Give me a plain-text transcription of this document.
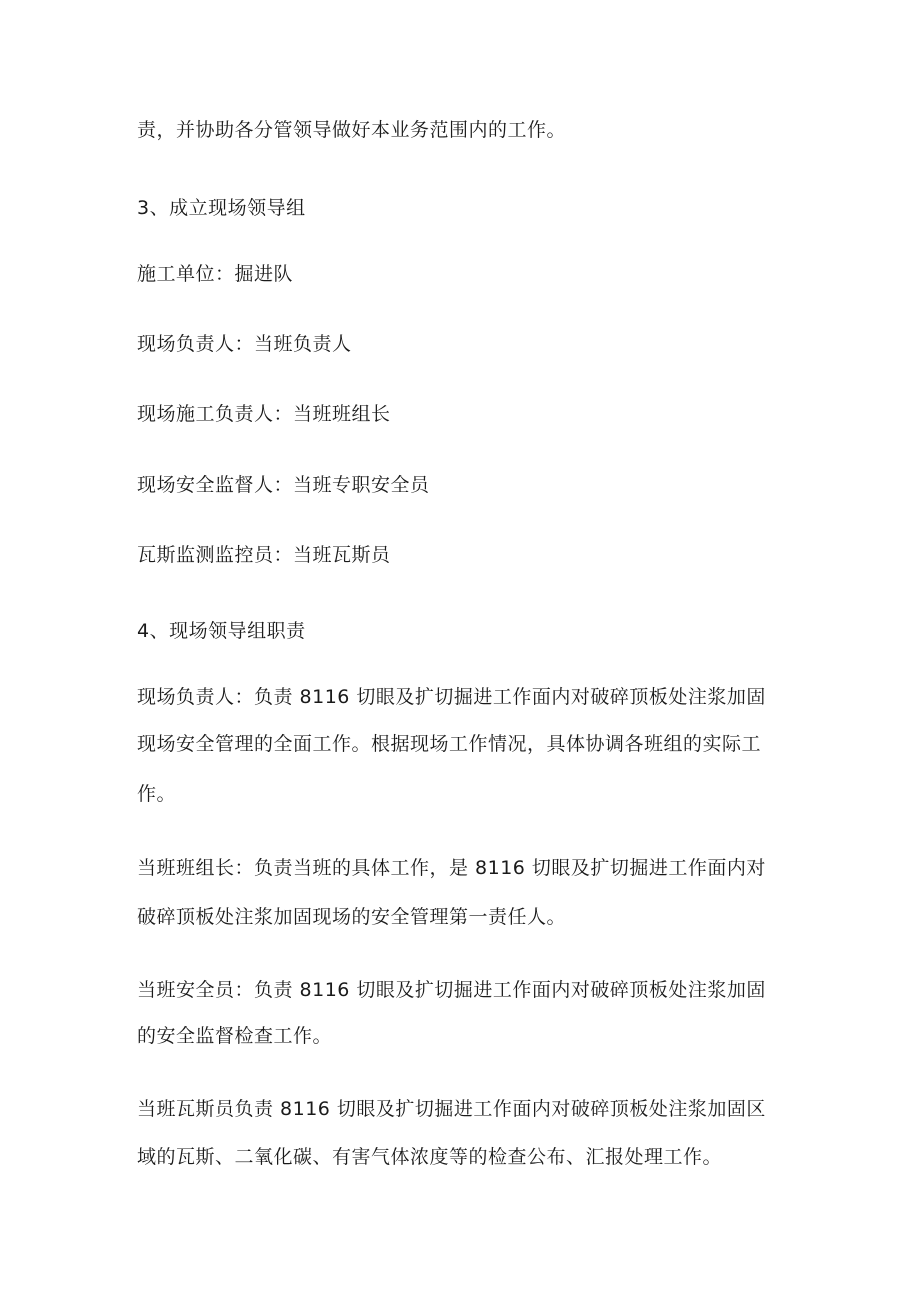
责，并协助各分管领导做好本业务范围内的工作。
3、成立现场领导组
施工单位：掘进队
现场负责人：当班负责人
现场施工负责人：当班班组长
现场安全监督人：当班专职安全员
瓦斯监测监控员：当班瓦斯员
4、现场领导组职责
现场负责人：负责 8116 切眼及扩切掘进工作面内对破碎顶板处注浆加固
现场安全管理的全面工作。根据现场工作情况，具体协调各班组的实际工
作。
当班班组长：负责当班的具体工作，是 8116 切眼及扩切掘进工作面内对
破碎顶板处注浆加固现场的安全管理第一责任人。
当班安全员：负责 8116 切眼及扩切掘进工作面内对破碎顶板处注浆加固
的安全监督检查工作。
当班瓦斯员负责 8116 切眼及扩切掘进工作面内对破碎顶板处注浆加固区
域的瓦斯、二氧化碳、有害气体浓度等的检查公布、汇报处理工作。
